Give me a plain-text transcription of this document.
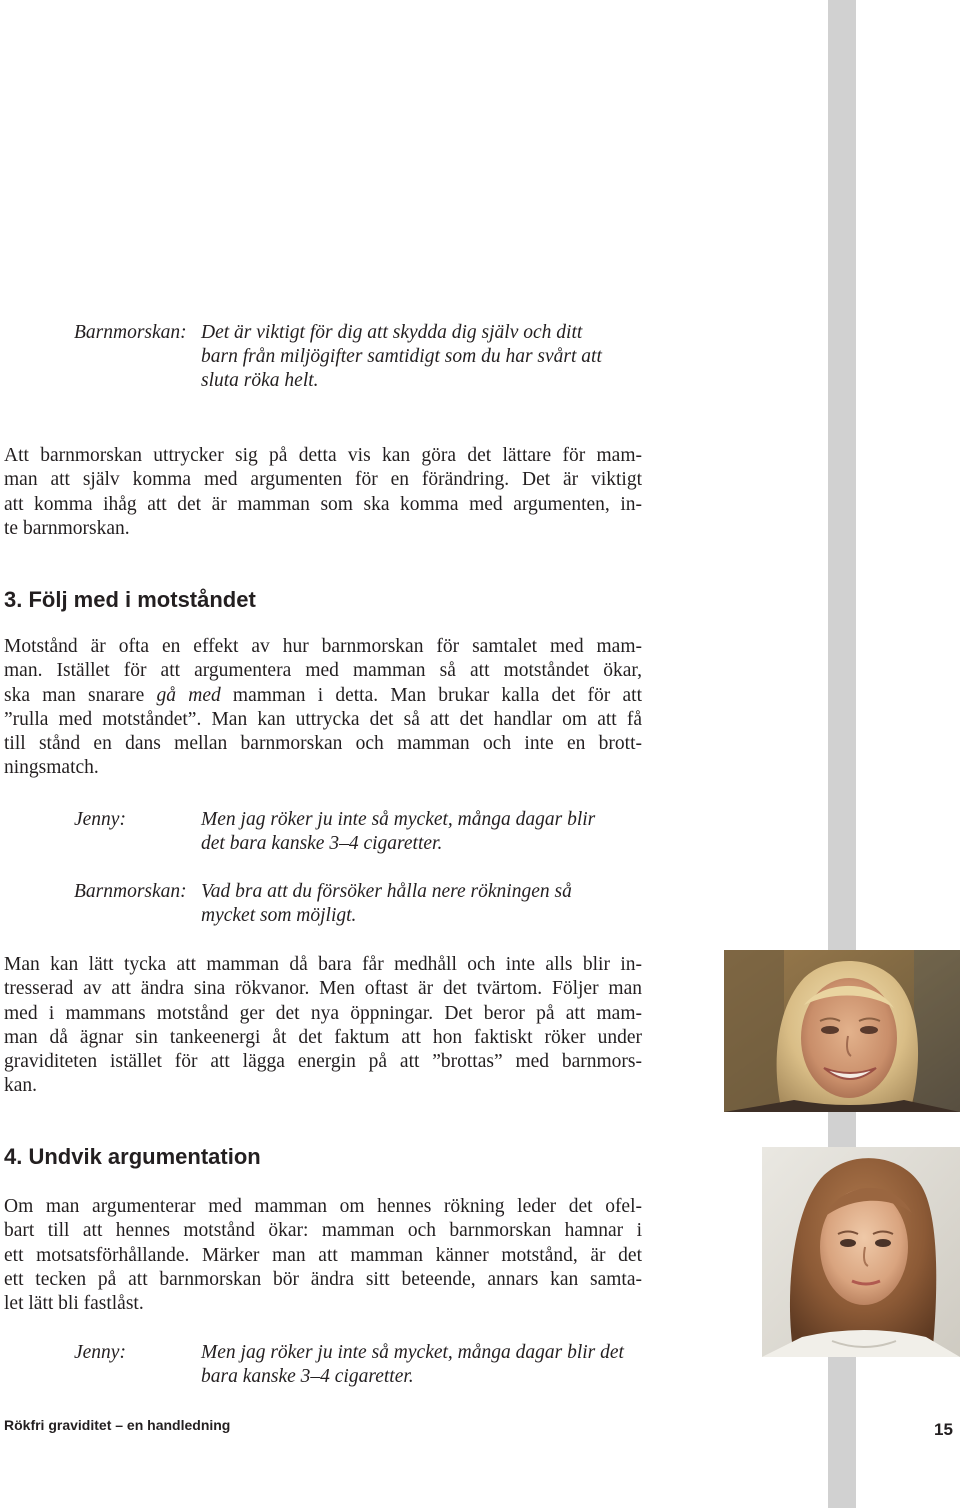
Barnmorskan: Det är viktigt för dig att skydda dig själv och ditt
barn från miljögifter samtidigt som du har svårt att
sluta röka helt.
Att barnmorskan uttrycker sig på detta vis kan göra det lättare för mam-
man att själv komma med argumenten för en förändring. Det är viktigt
att komma ihåg att det är mamman som ska komma med argumenten, in-
te barnmorskan.
3. Följ med i motståndet
Motstånd är ofta en effekt av hur barnmorskan för samtalet med mam-
man. Istället för att argumentera med mamman så att motståndet ökar,
ska man snarare gå med mamman i detta. Man brukar kalla det för att
”rulla med motståndet”. Man kan uttrycka det så att det handlar om att få
till stånd en dans mellan barnmorskan och mamman och inte en brott-
ningsmatch.
Jenny:	Men jag röker ju inte så mycket, många dagar blir
det bara kanske 3–4 cigaretter.
Barnmorskan: Vad bra att du försöker hålla nere rökningen så
mycket som möjligt.
Man kan lätt tycka att mamman då bara får medhåll och inte alls blir in-
tresserad av att ändra sina rökvanor. Men oftast är det tvärtom. Följer man
med i mammans motstånd ger det nya öppningar. Det beror på att mam-
man då ägnar sin tankeenergi åt det faktum att hon faktiskt röker under
graviditeten istället för att lägga energin på att ”brottas” med barnmors-
kan.
4. Undvik argumentation
Om man argumenterar med mamman om hennes rökning leder det ofel-
bart till att hennes motstånd ökar: mamman och barnmorskan hamnar i
ett motsatsförhållande. Märker man att mamman känner motstånd, är det
ett tecken på att barnmorskan bör ändra sitt beteende, annars kan samta-
let lätt bli fastlåst.
Jenny:	Men jag röker ju inte så mycket, många dagar blir det
bara kanske 3–4 cigaretter.
Rökfri graviditet – en handledning	15
